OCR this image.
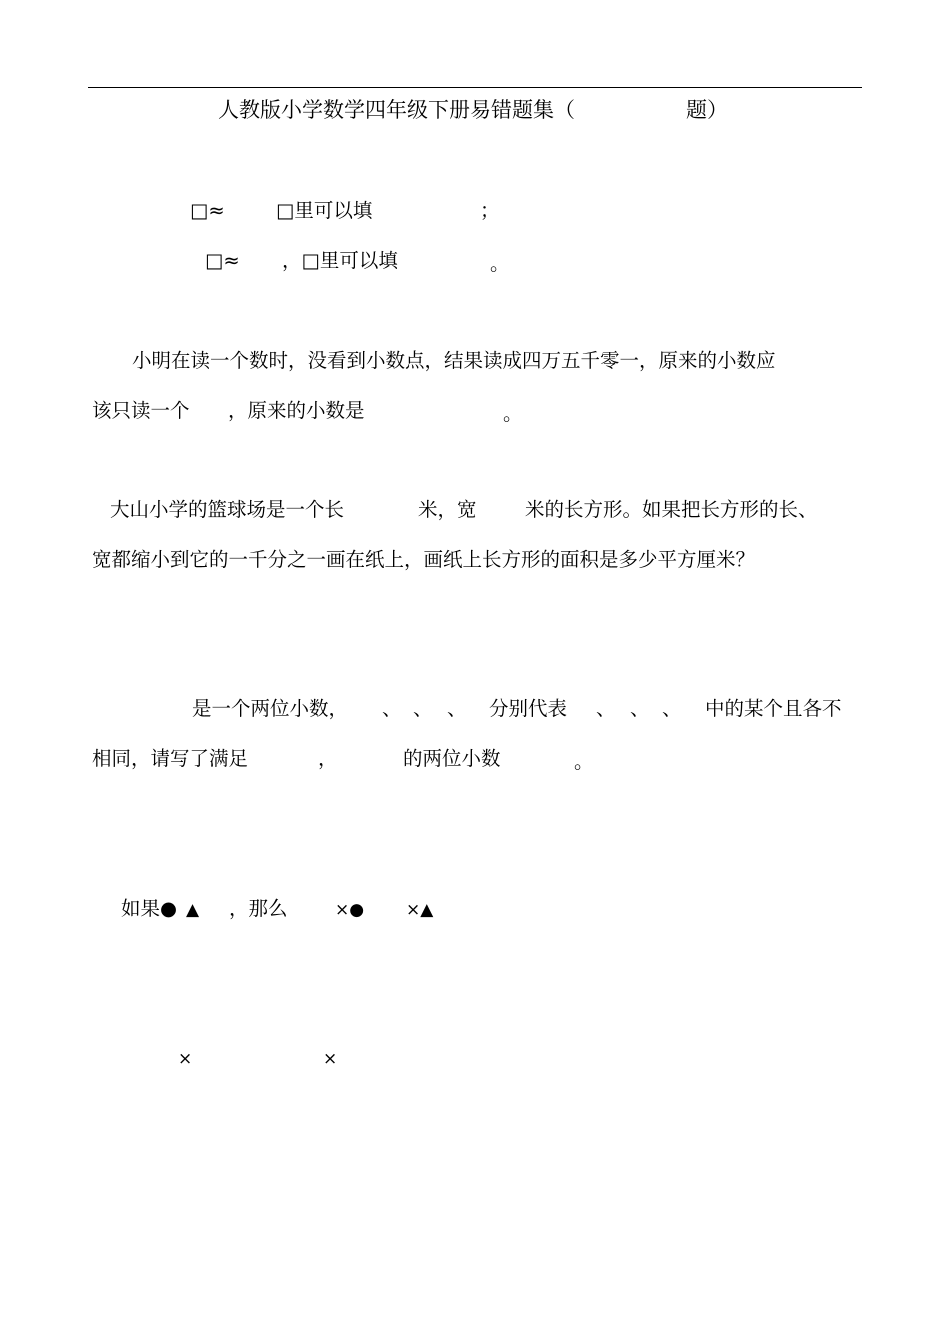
人教版小学数学四年级下册易错题集（	题）
□≈	□里可以填	；
□≈ ，□里可以填	。
小明在读一个数时，没看到小数点，结果读成四万五千零一，原来的小数应
该只读一个 ，原来的小数是	。
大山小学的篮球场是一个长	米，宽 米的长方形。如果把长方形的长、
宽都缩小到它的一千分之一画在纸上，画纸上长方形的面积是多少平方厘米？
是一个两位小数， 、 、 、 分别代表 、 、 、 中的某个且各不
相同，请写了满足	，	的两位小数	。
如果● ▲ ，那么	×● ×▲
×	×
